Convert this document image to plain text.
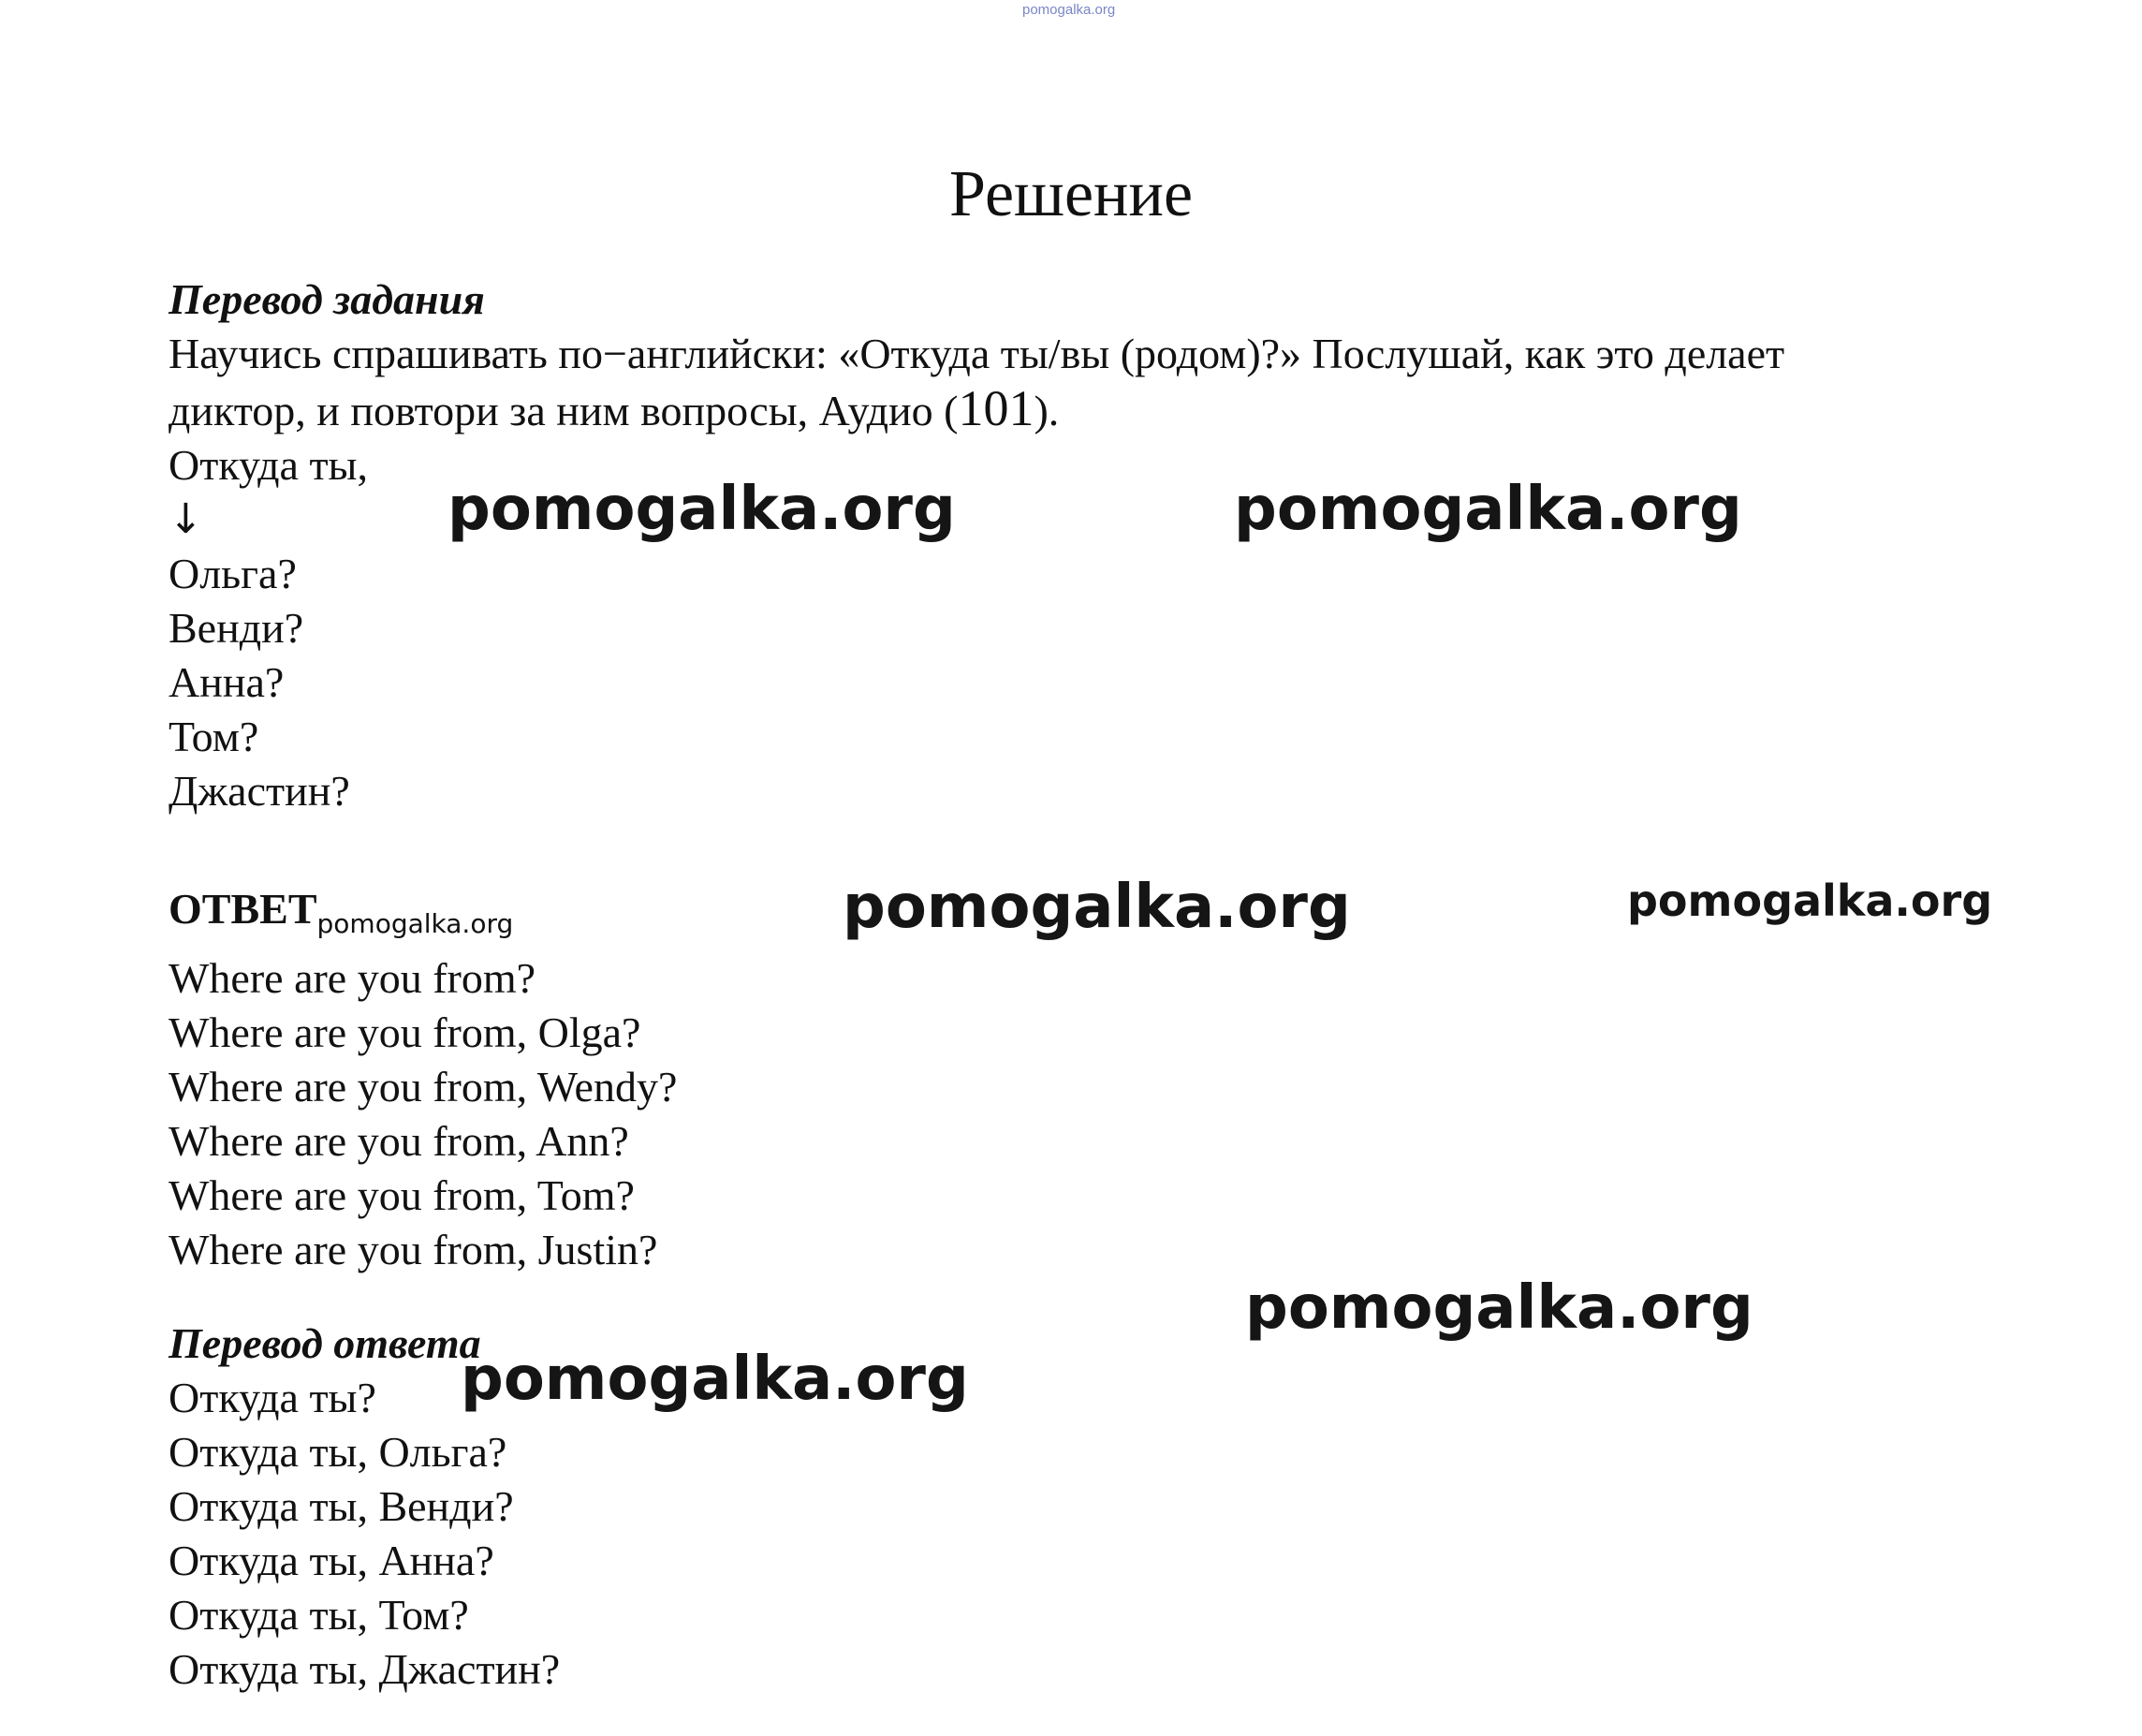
pomogalka.org
Решение
Перевод задания
Научись спрашивать по−английски: «Откуда ты/вы (родом)?» Послушай, как это делает
диктор, и повтори за ним вопросы, Аудио (101).
Откуда ты,
↓
Ольга?
Венди?
Анна?
Том?
Джастин?
$ОТВЕТ_{pomogalka.org}$
Where are you from?
Where are you from, Olga?
Where are you from, Wendy?
Where are you from, Ann?
Where are you from, Tom?
Where are you from, Justin?
Перевод ответа
Откуда ты?
Откуда ты, Ольга?
Откуда ты, Венди?
Откуда ты, Анна?
Откуда ты, Том?
Откуда ты, Джастин?
pomogalka.org	pomogalka.org
pomogalka.org	pomogalka.org
pomogalka.org
pomogalka.org
